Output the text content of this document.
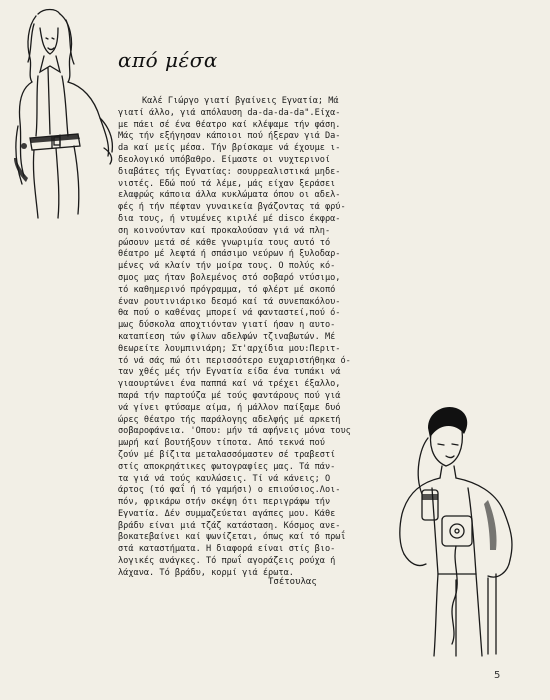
από μέσα
Καλέ Γιώργο γιατί βγαίνεις Εγνατία; Μά
γιατί άλλο, γιά απόλαυση da-da-da-da".Είχα-
με πάει σέ ένα θέατρο καί κλέψαμε τήν φάση.
Μάς τήν εξήγησαν κάποιοι πού ήξεραν γιά Da-
da καί μείς μέσα. Τήν βρίσκαμε νά έχουμε ι-
δεολογικό υπόβαθρο. Είμαστε οι νυχτερινοί
διαβάτες τής Εγνατίας: σουρρεαλιστικά μηδε-
νιστές. Εδώ πού τά λέμε, μάς είχαν ξεράσει
ελαφρώς κάποια άλλα κυκλώματα όπου οι αδελ-
φές ή τήν πέφταν γυναικεία βγάζοντας τά φρύ-
δια τους, ή ντυμένες κιριλέ μέ disco έκφρα-
ση κοινούνταν καί προκαλούσαν γιά νά πλη-
ρώσουν μετά σέ κάθε γνωριμία τους αυτό τό
θέατρο μέ λεφτά ή σπάσιμο νεύρων ή ξυλοδαρ-
μένες νά κλαίν τήν μοίρα τους. Ο πολύς κό-
σμος μας ήταν βολεμένος στό σοβαρό ντύσιμο,
τό καθημερινό πρόγραμμα, τό φλέρτ μέ σκοπό
έναν ρουτινιάρικο δεσμό καί τά συνεπακόλου-
θα πού ο καθένας μπορεί νά φανταστεί,πού ό-
μως δύσκολα αποχτιόνταν γιατί ήσαν η αυτο-
καταπίεση τών φίλων αδελφών τζιναβωτών. Μέ
θεωρείτε λουμπινιάρη; Στ'αρχίδια μου:Περιτ-
τό νά σάς πώ ότι περισσότερο ευχαριστήθηκα ό-
ταν χθές μές τήν Εγνατία είδα ένα τυπάκι νά
γιαουρτώνει ένα παππά καί νά τρέχει έξαλλο,
παρά τήν παρτούζα μέ τούς φαντάρους πού γιά
νά γίνει φτύσαμε αίμα, ή μάλλον παίξαμε δυό
ώρες θέατρο τής παράλογης αδελφής μέ αρκετή
σοβαροφάνεια. 'Οπου: μήν τά αφήνεις μόνα τους
μωρή καί βουτήξουν τίποτα. Από τεκνά πού
ζούν μέ βίζιτα μεταλασσόμαστεν σέ τραβεστί
στίς αποκρηάτικες φωτογραφίες μας. Τά πάν-
τα γιά νά τούς καυλώσεις. Τί νά κάνεις; Ο
άρτος (τό φαΐ ή τό γαμήσι) ο επιούσιος.Λοι-
πόν, φρικάρω στήν σκέψη ότι περιγράφω τήν
Εγνατία. Δέν συμμαζεύεται αγάπες μου. Κάθε
βράδυ είναι μιά τζάζ κατάσταση. Κόσμος ανε-
βοκατεβαίνει καί ψωνίζεται, όπως καί τό πρωΐ
στά καταστήματα. Η διαφορά είναι στίς βιο-
λογικές ανάγκες. Τό πρωΐ αγοράζεις ρούχα ή
λάχανα. Τό βράδυ, κορμί γιά έρωτα.
Τσέτουλας
5
